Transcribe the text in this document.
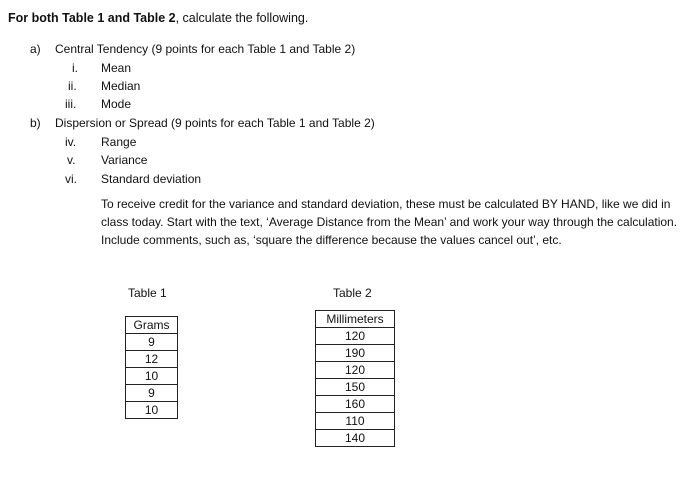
For both Table 1 and Table 2, calculate the following.
a) Central Tendency (9 points for each Table 1 and Table 2)
i. Mean
ii. Median
iii. Mode
b) Dispersion or Spread (9 points for each Table 1 and Table 2)
iv. Range
v. Variance
vi. Standard deviation
To receive credit for the variance and standard deviation, these must be calculated BY HAND, like we did in class today. Start with the text, ‘Average Distance from the Mean’ and work your way through the calculation. Include comments, such as, ‘square the difference because the values cancel out’, etc.
Table 1	Table 2
Grams
9
12
10
9
10
Millimeters
120
190
120
150
160
110
140
